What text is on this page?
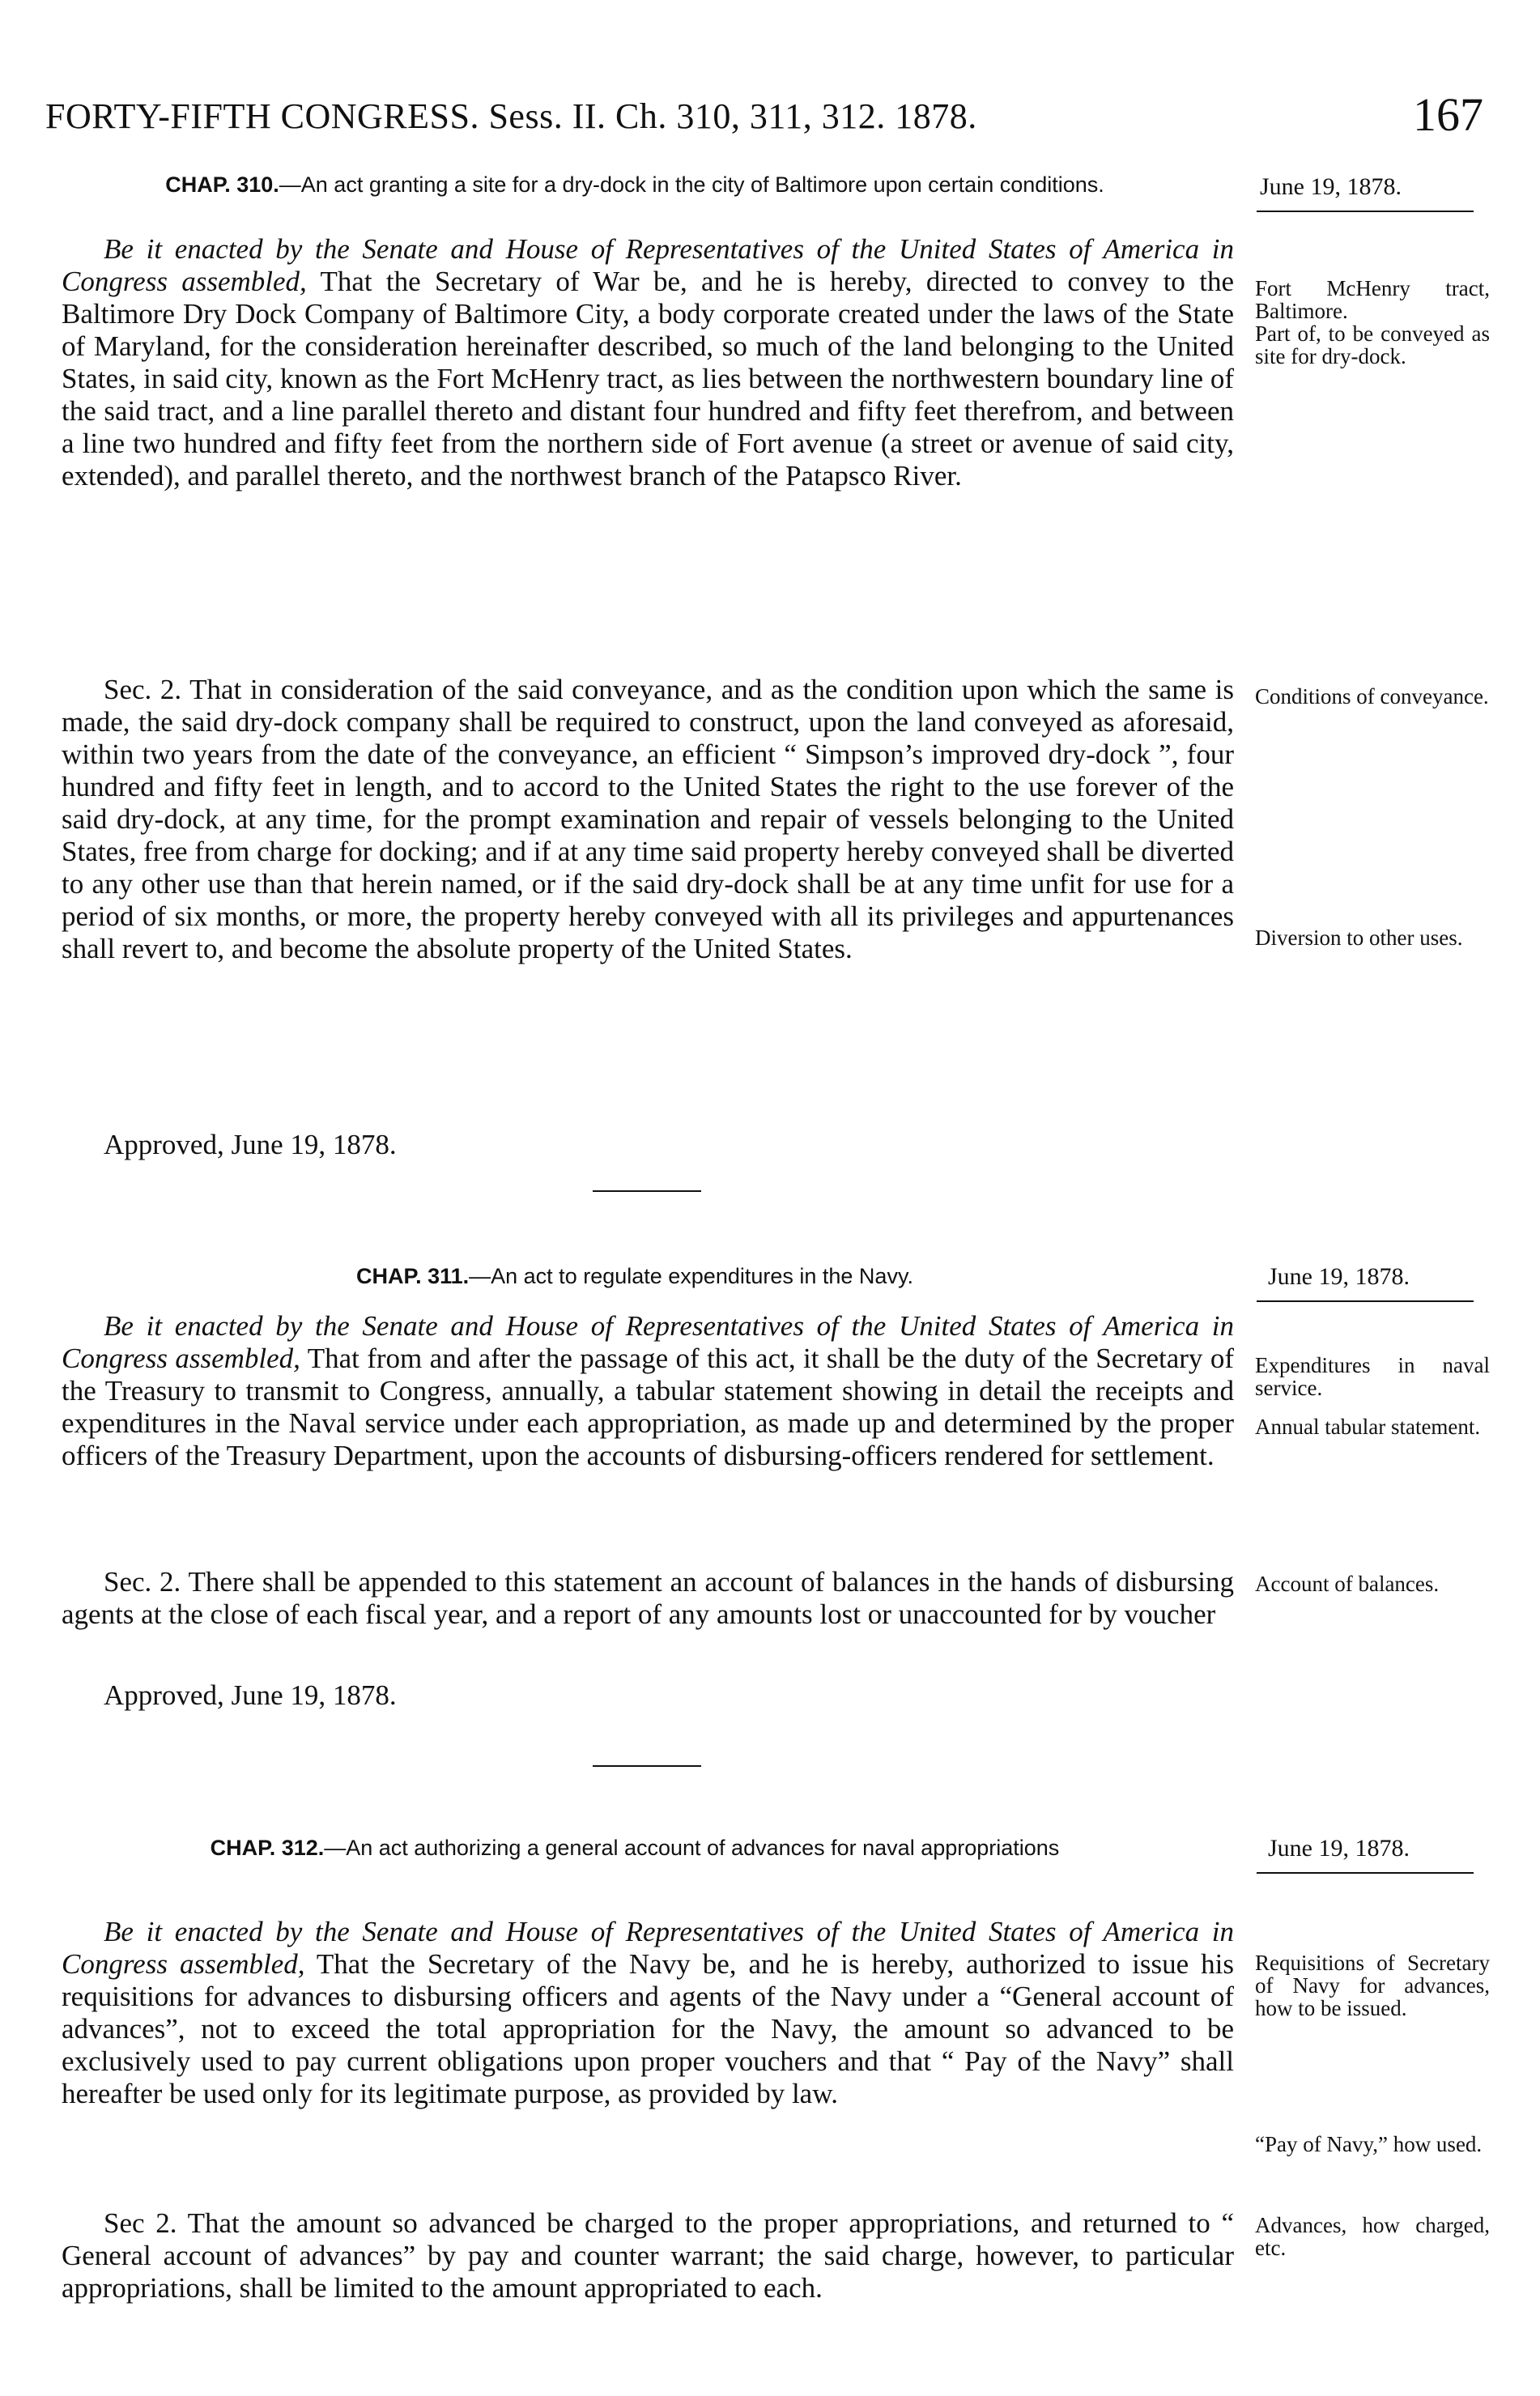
FORTY-FIFTH CONGRESS. Sess. II. Ch. 310, 311, 312. 1878.	167
CHAP. 310.—An act granting a site for a dry-dock in the city of Baltimore upon certain conditions.	June 19, 1878.

Be it enacted by the Senate and House of Representatives of the United States of America in Congress assembled, That the Secretary of War be, and he is hereby, directed to convey to the Baltimore Dry Dock Company of Baltimore City, a body corporate created under the laws of the State of Maryland, for the consideration hereinafter described, so much of the land belonging to the United States, in said city, known as the Fort McHenry tract, as lies between the northwestern boundary line of the said tract, and a line parallel thereto and distant four hundred and fifty feet therefrom, and between a line two hundred and fifty feet from the northern side of Fort avenue (a street or avenue of said city, extended), and parallel thereto, and the northwest branch of the Patapsco River.

Sec. 2. That in consideration of the said conveyance, and as the condition upon which the same is made, the said dry-dock company shall be required to construct, upon the land conveyed as aforesaid, within two years from the date of the conveyance, an efficient “ Simpson’s improved dry-dock ”, four hundred and fifty feet in length, and to accord to the United States the right to the use forever of the said dry-dock, at any time, for the prompt examination and repair of vessels belonging to the United States, free from charge for docking; and if at any time said property hereby conveyed shall be diverted to any other use than that herein named, or if the said dry-dock shall be at any time unfit for use for a period of six months, or more, the property hereby conveyed with all its privileges and appurtenances shall revert to, and become the absolute property of the United States.

Approved, June 19, 1878.
Fort McHenry tract, Baltimore.
Part of, to be conveyed as site for dry-dock.
Conditions of conveyance.
Diversion to other uses.
CHAP. 311.—An act to regulate expenditures in the Navy.	June 19, 1878.

Be it enacted by the Senate and House of Representatives of the United States of America in Congress assembled, That from and after the passage of this act, it shall be the duty of the Secretary of the Treasury to transmit to Congress, annually, a tabular statement showing in detail the receipts and expenditures in the Naval service under each appropriation, as made up and determined by the proper officers of the Treasury Department, upon the accounts of disbursing-officers rendered for settlement.

Sec. 2. There shall be appended to this statement an account of balances in the hands of disbursing agents at the close of each fiscal year, and a report of any amounts lost or unaccounted for by voucher

Approved, June 19, 1878.
Expenditures in naval service.
Annual tabular statement.
Account of balances.
CHAP. 312.—An act authorizing a general account of advances for naval appropriations	June 19, 1878.

Be it enacted by the Senate and House of Representatives of the United States of America in Congress assembled, That the Secretary of the Navy be, and he is hereby, authorized to issue his requisitions for advances to disbursing officers and agents of the Navy under a “General account of advances”, not to exceed the total appropriation for the Navy, the amount so advanced to be exclusively used to pay current obligations upon proper vouchers and that “ Pay of the Navy” shall hereafter be used only for its legitimate purpose, as provided by law.

Sec 2. That the amount so advanced be charged to the proper appropriations, and returned to “ General account of advances” by pay and counter warrant; the said charge, however, to particular appropriations, shall be limited to the amount appropriated to each.

Requisitions of Secretary of Navy for advances, how to be issued.
“Pay of Navy,” how used.
Advances, how charged, etc.
